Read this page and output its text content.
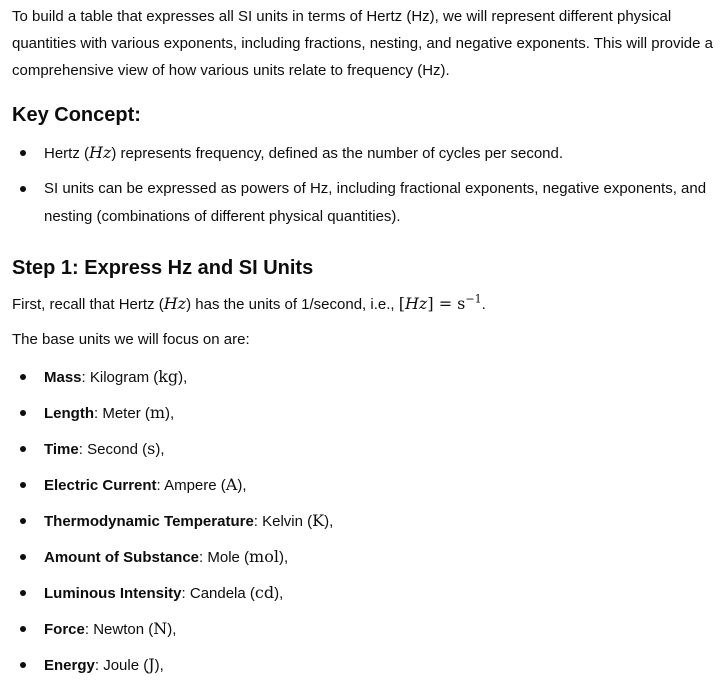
To build a table that expresses all SI units in terms of Hertz (Hz), we will represent different physical quantities with various exponents, including fractions, nesting, and negative exponents. This will provide a comprehensive view of how various units relate to frequency (Hz).

Key Concept:
Hertz (Hz) represents frequency, defined as the number of cycles per second.
SI units can be expressed as powers of Hz, including fractional exponents, negative exponents, and nesting (combinations of different physical quantities).
Step 1: Express Hz and SI Units

First, recall that Hertz (Hz) has the units of 1/second, i.e., $[Hz] = s^{-1}$.

The base units we will focus on are:

Mass: Kilogram (kg),
Length: Meter (m),
Time: Second (s),
Electric Current: Ampere (A),
Thermodynamic Temperature: Kelvin (K),
Amount of Substance: Mole (mol),
Luminous Intensity: Candela (cd),
Force: Newton (N),
Energy: Joule (J),
